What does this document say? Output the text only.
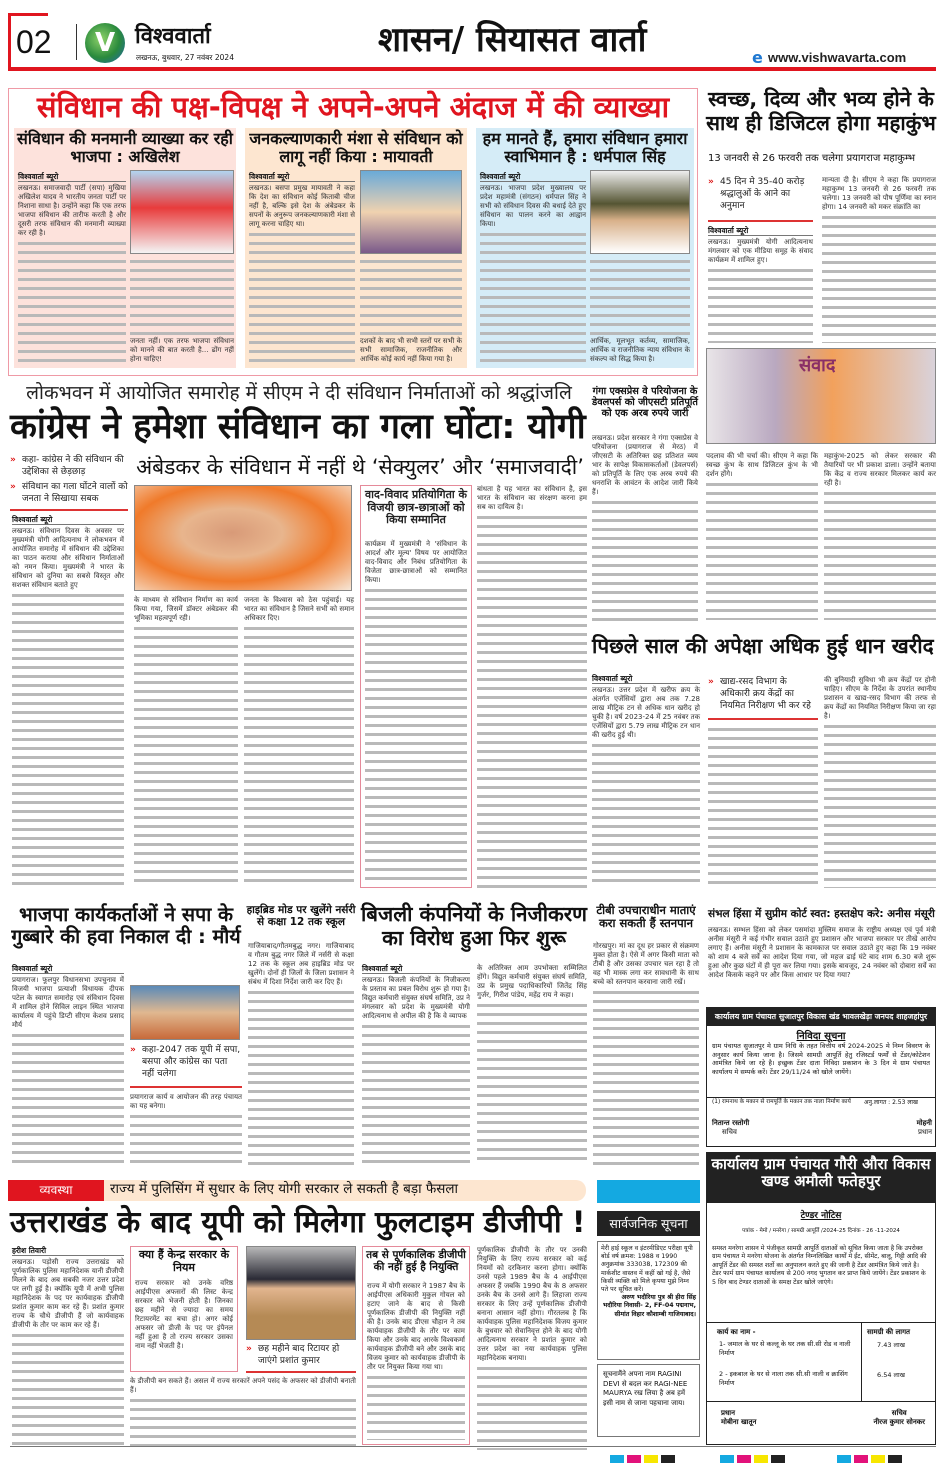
02	V विश्ववार्ता
लखनऊ, बुधवार, 27 नवंबर 2024	शासन/ सियासत वार्ता	e www.vishwavarta.com
संविधान की पक्ष-विपक्ष ने अपने-अपने अंदाज में की व्याख्या
संविधान की मनमानी व्याख्या कर रही भाजपा : अखिलेश
जनकल्याणकारी मंशा से संविधान को लागू नहीं किया : मायावती
हम मानते हैं, हमारा संविधान हमारा स्वाभिमान है : धर्मपाल सिंह
विश्ववार्ता ब्यूरो

लखनऊ। समाजवादी पार्टी (सपा) मुखिया अखिलेश यादव ने भारतीय जनता पार्टी पर निशाना साधा है। उन्होंने कहा कि एक तरफ भाजपा संविधान की तारीफ करती है और दूसरी तरफ संविधान की मनमानी व्याख्या कर रही है।

जनता नहीं। एक तरफ भाजपा संविधान को मानने की बात करती है... ढोंग नहीं होना चाहिए!

विश्ववार्ता ब्यूरो

लखनऊ। बसपा प्रमुख मायावती ने कहा कि देश का संविधान कोई किताबी चीज नहीं है, बल्कि इसे देश के अंबेडकर के सपनों के अनुरूप जनकल्याणकारी मंशा से लागू करना चाहिए था।

दशकों के बाद भी सभी स्तरों पर सभी के सभी सामाजिक, राजनीतिक और आर्थिक कोई कार्य नहीं किया गया है।

विश्ववार्ता ब्यूरो

लखनऊ। भाजपा प्रदेश मुख्यालय पर प्रदेश महामंत्री (संगठन) धर्मपाल सिंह ने सभी को संविधान दिवस की बधाई देते हुए संविधान का पालन करने का आह्वान किया।

आर्थिक, मूलभूत कर्तव्य, सामाजिक, आर्थिक व राजनीतिक न्याय संविधान के संकल्प को सिद्ध किया है।

स्वच्छ, दिव्य और भव्य होने के साथ ही डिजिटल होगा महाकुंभ
13 जनवरी से 26 फरवरी तक चलेगा प्रयागराज महाकुम्भ
» 45 दिन मे 35-40 करोड़ श्रद्धालुओं के आने का अनुमान
विश्ववार्ता ब्यूरो

लखनऊ। मुख्यमंत्री योगी आदित्यनाथ मंगलवार को एक मीडिया समूह के संवाद कार्यक्रम में शामिल हुए।

मान्यता दी है। सीएम ने कहा कि प्रयागराज महाकुम्भ 13 जनवरी से 26 फरवरी तक चलेगा। 13 जनवरी को पौष पूर्णिमा का स्नान होगा। 14 जनवरी को मकर संक्रांति का

संवाद

पदलाव की भी चर्चा की। सीएम ने कहा कि स्वच्छ कुंभ के साथ डिजिटल कुंभ के भी दर्शन होंगे।

महाकुंभ-2025 को लेकर सरकार की तैयारियों पर भी प्रकाश डाला। उन्होंने बताया कि केंद्र व राज्य सरकार मिलकर कार्य कर रही है।

लोकभवन में आयोजित समारोह में सीएम ने दी संविधान निर्माताओं को श्रद्धांजलि
कांग्रेस ने हमेशा संविधान का गला घोंटा: योगी
अंबेडकर के संविधान में नहीं थे ‘सेक्युलर’ और ‘समाजवादी’
» कहा- कांग्रेस ने की संविधान की उद्देशिका से छेड़छाड़
» संविधान का गला घोंटने वालों को जनता ने सिखाया सबक
विश्ववार्ता ब्यूरो

लखनऊ। संविधान दिवस के अवसर पर मुख्यमंत्री योगी आदित्यनाथ ने लोकभवन में आयोजित समारोह में संविधान की उद्देशिका का पाठन कराया और संविधान निर्माताओं को नमन किया। मुख्यमंत्री ने भारत के संविधान को दुनिया का सबसे विस्तृत और सशक्त संविधान बताते हुए

के माध्यम से संविधान निर्माण का कार्य किया गया, जिसमें डॉक्टर अंबेडकर की भूमिका महत्वपूर्ण रही।

जनता के विश्वास को ठेस पहुंचाई। यह भारत का संविधान है जिसने सभी को समान अधिकार दिए।

वाद-विवाद प्रतियोगिता के विजयी छात्र-छात्राओं को किया सम्मानित

कार्यक्रम में मुख्यमंत्री ने 'संविधान के आदर्श और मूल्य' विषय पर आयोजित वाद-विवाद और निबंध प्रतियोगिता के विजेता छात्र-छात्राओं को सम्मानित किया।

बांधता है यह भारत का संविधान है, इस भारत के संविधान का संरक्षण करना हम सब का दायित्व है।

गंगा एक्सप्रेस वे परियोजना के डेवलपर्स को जीएसटी प्रतिपूर्ति को एक अरब रुपये जारी

लखनऊ। प्रदेश सरकार ने गंगा एक्सप्रेस वे परियोजना (प्रयागराज से मेरठ) में जीएसटी के अतिरिक्त छह प्रतिशत व्यय भार के सापेक्ष विकासकर्ताओं (डेवलपर्स) को प्रतिपूर्ति के लिए एक अरब रुपये की धनराशि के आवंटन के आदेश जारी किये हैं।

पिछले साल की अपेक्षा अधिक हुई धान खरीद
विश्ववार्ता ब्यूरो

लखनऊ। उत्तर प्रदेश में खरीफ क्रय के अंतर्गत एजेंसियों द्वारा अब तक 7.28 लाख मीट्रिक टन से अधिक धान खरीद हो चुकी है। वर्ष 2023-24 में 25 नवंबर तक एजेंसियों द्वारा 5.79 लाख मीट्रिक टन धान की खरीद हुई थी।

» खाद्य-रसद विभाग के अधिकारी क्रय केंद्रों का नियमित निरीक्षण भी कर रहे

की बुनियादी सुविधा भी क्रय केंद्रों पर होनी चाहिए। सीएम के निर्देश के उपरांत स्थानीय प्रशासन व खाद्य-रसद विभाग की तरफ से क्रय केंद्रों का नियमित निरीक्षण किया जा रहा है।

भाजपा कार्यकर्ताओं ने सपा के गुब्बारे की हवा निकाल दी : मौर्य
विश्ववार्ता ब्यूरो

प्रयागराज। फूलपुर विधानसभा उपचुनाव में विजयी भाजपा प्रत्याशी विधायक दीपक पटेल के स्वागत समारोह एवं संविधान दिवस में शामिल होने सिविल लाइन स्थित भाजपा कार्यालय में पहुंचे डिप्टी सीएम केशव प्रसाद मौर्य

» कहा-2047 तक यूपी में सपा, बसपा और कांग्रेस का पता नहीं चलेगा

प्रयागराज कार्य व आयोजन की तरह पंचायत का यह बनेगा।

हाइब्रिड मोड पर खुलेंगे नर्सरी से कक्षा 12 तक स्कूल

गाजियाबाद/गौतमबुद्ध नगर। गाजियाबाद व गौतम बुद्ध नगर जिले में नर्सरी से कक्षा 12 तक के स्कूल अब हाइब्रिड मोड पर खुलेंगे। दोनों ही जिलों के जिला प्रशासन ने संबंध में दिशा निर्देश जारी कर दिए हैं।

बिजली कंपनियों के निजीकरण का विरोध हुआ फिर शुरू
विश्ववार्ता ब्यूरो

लखनऊ। बिजली कंपनियों के निजीकरण के प्रस्ताव का प्रबल विरोध शुरू हो गया है। विद्युत कर्मचारी संयुक्त संघर्ष समिति, उप्र ने मंगलवार को प्रदेश के मुख्यमंत्री योगी आदित्यनाथ से अपील की है कि वे व्यापक

के अतिरिक्त आम उपभोक्ता सम्मिलित होंगे। विद्युत कर्मचारी संयुक्त संघर्ष समिति, उप्र के प्रमुख पदाधिकारियों जितेंद्र सिंह गुर्जर, गिरीश पांडेय, महेंद्र राय ने कहा।

टीबी उपचाराधीन माताएं करा सकती हैं स्तनपान

गोरखपुर। मां का दूध हर प्रकार से संक्रमण मुक्त होता है। ऐसे में अगर किसी माता को टीबी है और उसका उपचार चल रहा है तो वह भी मास्क लगा कर सावधानी के साथ बच्चे को स्तनपान करवाना जारी रखें।

संभल हिंसा में सुप्रीम कोर्ट स्वत: हस्तक्षेप करे: अनीस मंसूरी
लखनऊ। सम्भल हिंसा को लेकर पसमांदा मुस्लिम समाज के राष्ट्रीय अध्यक्ष एवं पूर्व मंत्री अनीस मंसूरी ने कई गंभीर सवाल उठाते हुए प्रशासन और भाजपा सरकार पर तीखे आरोप लगाए हैं। अनीस मंसूरी ने प्रशासन के कामकाज पर सवाल उठाते हुए कहा कि 19 नवंबर को शाम 4 बजे सर्वे का आदेश दिया गया, जो महज ढाई घंटे बाद शाम 6.30 बजे शुरू हुआ और कुछ घंटों में ही पूरा कर लिया गया। इसके बावजूद, 24 नवंबर को दोबारा सर्वे का आदेश किसके कहने पर और किस आधार पर दिया गया?
कार्यालय ग्राम पंचायत सुजातपुर विकास खंड भावलखेड़ा जनपद शाहजहांपुर
निविदा सूचना
ग्राम पंचायत सुजातपुर मे ग्राम निधि के तहत वित्तीय वर्ष 2024-2025 मे निम्न विवरण के अनुसार कार्य किया जाना है। जिसमे सामग्री आपूर्ति हेतु रजिस्टर्ड फर्मों से टेंडर/कोटेशन आमंत्रित किये जा रहे है। इच्छुक टेंडर दाता निविदा प्रकाशन के 3 दिन मे ग्राम पंचायत कार्यालय मे सम्पर्क करें। टेंडर 29/11/24 को खोले जायेंगे।
(1) रामनाथ के मकान से रामपूर्ति के मकान तक नाला निर्माण कार्य	अनु.लागत : 2.53 लाख
नितान्त रस्तोगी
सचिव
मोहनी
प्रधान
कार्यालय ग्राम पंचायत गौरी औरा विकास
खण्ड अमौली फतेहपुर
टेण्डर नोटिस
पत्रांक - मेमो / मनरेगा / सामग्री आपूर्ति /2024-25 दिनांक - 26 -11-2024
समस्त मनरेगा शासन मे पंजीकृत सामग्री आपूर्ति दाताओं को सूचित किया जाता है कि उपरोक्त ग्राम पंचायत मे मनरेगा योजना के अंतर्गत निम्नलिखित कार्यों मे ईंट, सीमेंट, बालू, गिट्टी आदि की आपूर्ति टेंडर की समस्त शर्तो का अनुपालन करते हुए की जानी है टेंडर आमंत्रित किये जाते है। टेंडर फार्म ग्राम पंचायत कार्यालय से 200 नगद भुगतान कर प्राप्त किये जायेंगे। टेंडर प्रकाशन के 5 दिन बाद टेण्डर दाताओं के समक्ष टेंडर खोले जाएंगे।
कार्य का नाम -	सामग्री की लागत
1- जमाल के घर से कल्लू के घर तक सी.सी रोड व नाली निर्माण
7.43 लाख
2 - इकबाल के घर से नाला तक सी.सी नाली व क्रासिंग निर्माण
6.54 लाख
प्रधान
मोबीना खातून
सचिव
नीरज कुमार सोनकर
व्यवस्था	राज्य में पुलिसिंग में सुधार के लिए योगी सरकार ले सकती है बड़ा फैसला
उत्तराखंड के बाद यूपी को मिलेगा फुलटाइम डीजीपी !
हरीश तिवारी

लखनऊ। पड़ोसी राज्य उत्तराखंड को पूर्णकालिक पुलिस महानिदेशक यानी डीजीपी मिलने के बाद अब सबकी नजर उत्तर प्रदेश पर लगी हुई है। क्योंकि यूपी में अभी पुलिस महानिदेशक के पद पर कार्यवाहक डीजीपी प्रशांत कुमार काम कर रहे हैं। प्रशांत कुमार राज्य के चौथे डीजीपी हैं जो कार्यवाहक डीजीपी के तौर पर काम कर रहे हैं।

क्या हैं केन्द्र सरकार के नियम
राज्य सरकार को उनके वरिष्ठ आईपीएस अफसरों की लिस्ट केन्द्र सरकार को भेजनी होती है। जिनका छह महीने से ज्यादा का समय रिटायरमेंट का बचा हो। अगर कोई अफसर जो डीजी के पद पर इंपैनल नहीं हुआ है तो राज्य सरकार उसका नाम नहीं भेजती है।	» छह महीने बाद रिटायर हो जाएंगे प्रशांत कुमार

के डीजीपी बन सकते हैं। असल में राज्य सरकारें अपने पसंद के अफसर को डीजीपी बनाती हैं।

तब से पूर्णकालिक डीजीपी की नहीं हुई है नियुक्ति

राज्य में योगी सरकार ने 1987 बैच के आईपीएस अधिकारी मुकुल गोयल को हटाए जाने के बाद से किसी पूर्णकालिक डीजीपी की नियुक्ति नहीं की है। उनके बाद डीएस चौहान ने तब कार्यवाहक डीजीपी के तौर पर काम किया और उनके बाद आरके विश्वकर्मा कार्यवाहक डीजीपी बने और उसके बाद विजय कुमार को कार्यवाहक डीजीपी के तौर पर नियुक्त किया गया था।

पूर्णकालिक डीजीपी के तौर पर उनकी नियुक्ति के लिए राज्य सरकार को कई नियमों को दरकिनार करना होगा। क्योंकि उनसे पहले 1989 बैच के 4 आईपीएस अफसर हैं जबकि 1990 बैच के 8 अफसर उनके बैच के उनसे आगे हैं। लिहाजा राज्य सरकार के लिए उन्हें पूर्णकालिक डीजीपी बनाना आसान नहीं होगा। गौरतलब है कि कार्यवाहक पुलिस महानिदेशक विजय कुमार के बुधवार को सेवानिवृत्त होने के बाद योगी आदित्यनाथ सरकार ने प्रशांत कुमार को उत्तर प्रदेश का नया कार्यवाहक पुलिस महानिदेशक बनाया।

सार्वजनिक सूचना
मेरी हाई स्कूल व इंटरमीडिएट परीक्षा यूपी बोर्ड वर्ष क्रमश: 1988 व 1990 अनुक्रमांक 333038, 172309 की मार्कशीट वास्तव में कहीं खो गई है, जैसे किसी व्यक्ति को मिले कृपया मुझे निम्न पते पर सूचित करें।
अरुण भदौरिया पुत्र श्री हीरा सिंह भदौरिया निवासी- 2, FF-04 पद्मनाभ, सीमांत विहार कौशाम्बी गाजियाबाद।
सूचनामैंने अपना नाम RAGINI DEVI से बदल कर RAGI-NEE MAURYA रख लिया है अब हमें इसी नाम से जाना पहचाना जाय।
